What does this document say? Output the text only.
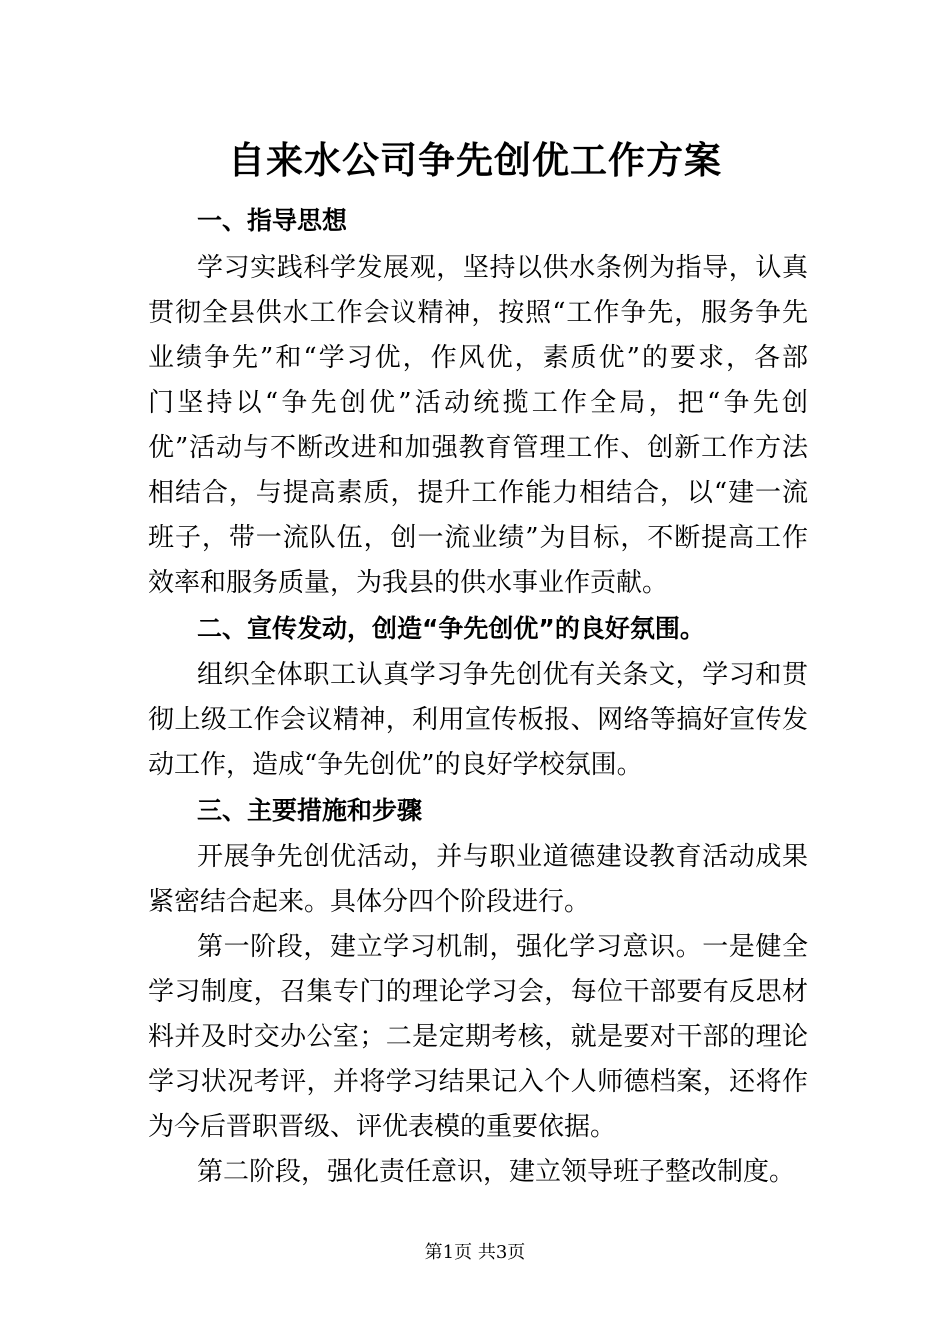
自来水公司争先创优工作方案
一、指导思想
学习实践科学发展观，坚持以供水条例为指导，认真
贯彻全县供水工作会议精神，按照“工作争先，服务争先
业绩争先”和“学习优，作风优，素质优”的要求，各部
门坚持以“争先创优”活动统揽工作全局，把“争先创
优”活动与不断改进和加强教育管理工作、创新工作方法
相结合，与提高素质，提升工作能力相结合，以“建一流
班子，带一流队伍，创一流业绩”为目标，不断提高工作
效率和服务质量，为我县的供水事业作贡献。
二、宣传发动，创造“争先创优”的良好氛围。
组织全体职工认真学习争先创优有关条文，学习和贯
彻上级工作会议精神，利用宣传板报、网络等搞好宣传发
动工作，造成“争先创优”的良好学校氛围。
三、主要措施和步骤
开展争先创优活动，并与职业道德建设教育活动成果
紧密结合起来。具体分四个阶段进行。
第一阶段，建立学习机制，强化学习意识。一是健全
学习制度，召集专门的理论学习会，每位干部要有反思材
料并及时交办公室；二是定期考核，就是要对干部的理论
学习状况考评，并将学习结果记入个人师德档案，还将作
为今后晋职晋级、评优表模的重要依据。
第二阶段，强化责任意识，建立领导班子整改制度。
第1页 共3页
